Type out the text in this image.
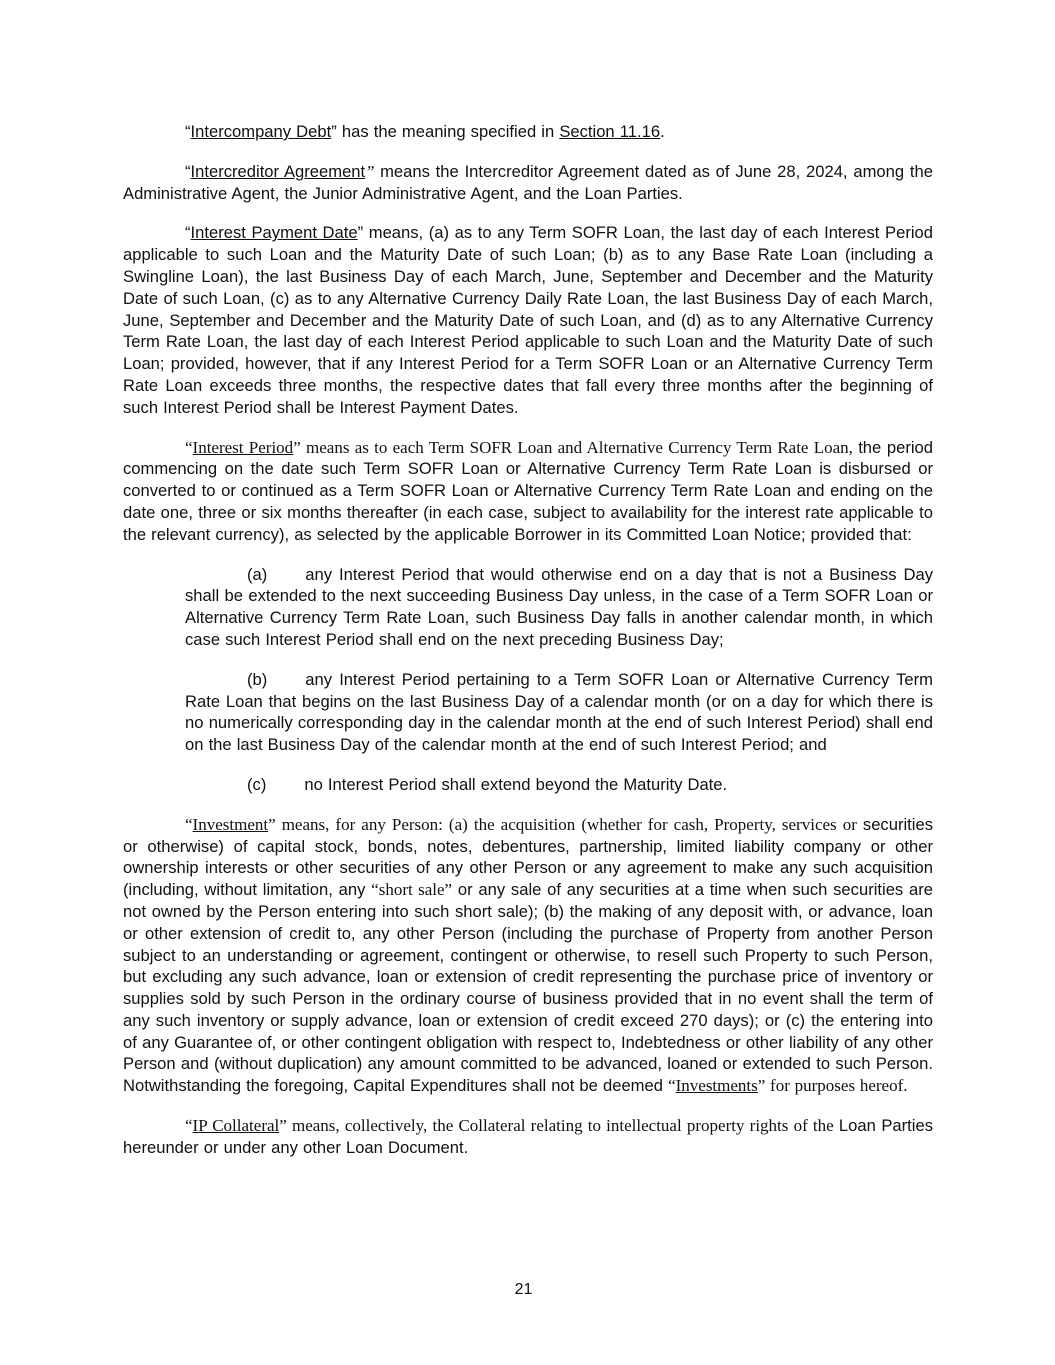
“Intercompany Debt” has the meaning specified in Section 11.16.

“Intercreditor Agreement” means the Intercreditor Agreement dated as of June 28, 2024, among the Administrative Agent, the Junior Administrative Agent, and the Loan Parties.

“Interest Payment Date” means, (a) as to any Term SOFR Loan, the last day of each Interest Period applicable to such Loan and the Maturity Date of such Loan; (b) as to any Base Rate Loan (including a Swingline Loan), the last Business Day of each March, June, September and December and the Maturity Date of such Loan, (c) as to any Alternative Currency Daily Rate Loan, the last Business Day of each March, June, September and December and the Maturity Date of such Loan, and (d) as to any Alternative Currency Term Rate Loan, the last day of each Interest Period applicable to such Loan and the Maturity Date of such Loan; provided, however, that if any Interest Period for a Term SOFR Loan or an Alternative Currency Term Rate Loan exceeds three months, the respective dates that fall every three months after the beginning of such Interest Period shall be Interest Payment Dates.

“Interest Period” means as to each Term SOFR Loan and Alternative Currency Term Rate Loan, the period commencing on the date such Term SOFR Loan or Alternative Currency Term Rate Loan is disbursed or converted to or continued as a Term SOFR Loan or Alternative Currency Term Rate Loan and ending on the date one, three or six months thereafter (in each case, subject to availability for the interest rate applicable to the relevant currency), as selected by the applicable Borrower in its Committed Loan Notice; provided that:

(a) any Interest Period that would otherwise end on a day that is not a Business Day shall be extended to the next succeeding Business Day unless, in the case of a Term SOFR Loan or Alternative Currency Term Rate Loan, such Business Day falls in another calendar month, in which case such Interest Period shall end on the next preceding Business Day;

(b) any Interest Period pertaining to a Term SOFR Loan or Alternative Currency Term Rate Loan that begins on the last Business Day of a calendar month (or on a day for which there is no numerically corresponding day in the calendar month at the end of such Interest Period) shall end on the last Business Day of the calendar month at the end of such Interest Period; and

(c) no Interest Period shall extend beyond the Maturity Date.

“Investment” means, for any Person: (a) the acquisition (whether for cash, Property, services or securities or otherwise) of capital stock, bonds, notes, debentures, partnership, limited liability company or other ownership interests or other securities of any other Person or any agreement to make any such acquisition (including, without limitation, any “short sale” or any sale of any securities at a time when such securities are not owned by the Person entering into such short sale); (b) the making of any deposit with, or advance, loan or other extension of credit to, any other Person (including the purchase of Property from another Person subject to an understanding or agreement, contingent or otherwise, to resell such Property to such Person, but excluding any such advance, loan or extension of credit representing the purchase price of inventory or supplies sold by such Person in the ordinary course of business provided that in no event shall the term of any such inventory or supply advance, loan or extension of credit exceed 270 days); or (c) the entering into of any Guarantee of, or other contingent obligation with respect to, Indebtedness or other liability of any other Person and (without duplication) any amount committed to be advanced, loaned or extended to such Person. Notwithstanding the foregoing, Capital Expenditures shall not be deemed “Investments” for purposes hereof.

“IP Collateral” means, collectively, the Collateral relating to intellectual property rights of the Loan Parties hereunder or under any other Loan Document.

21
